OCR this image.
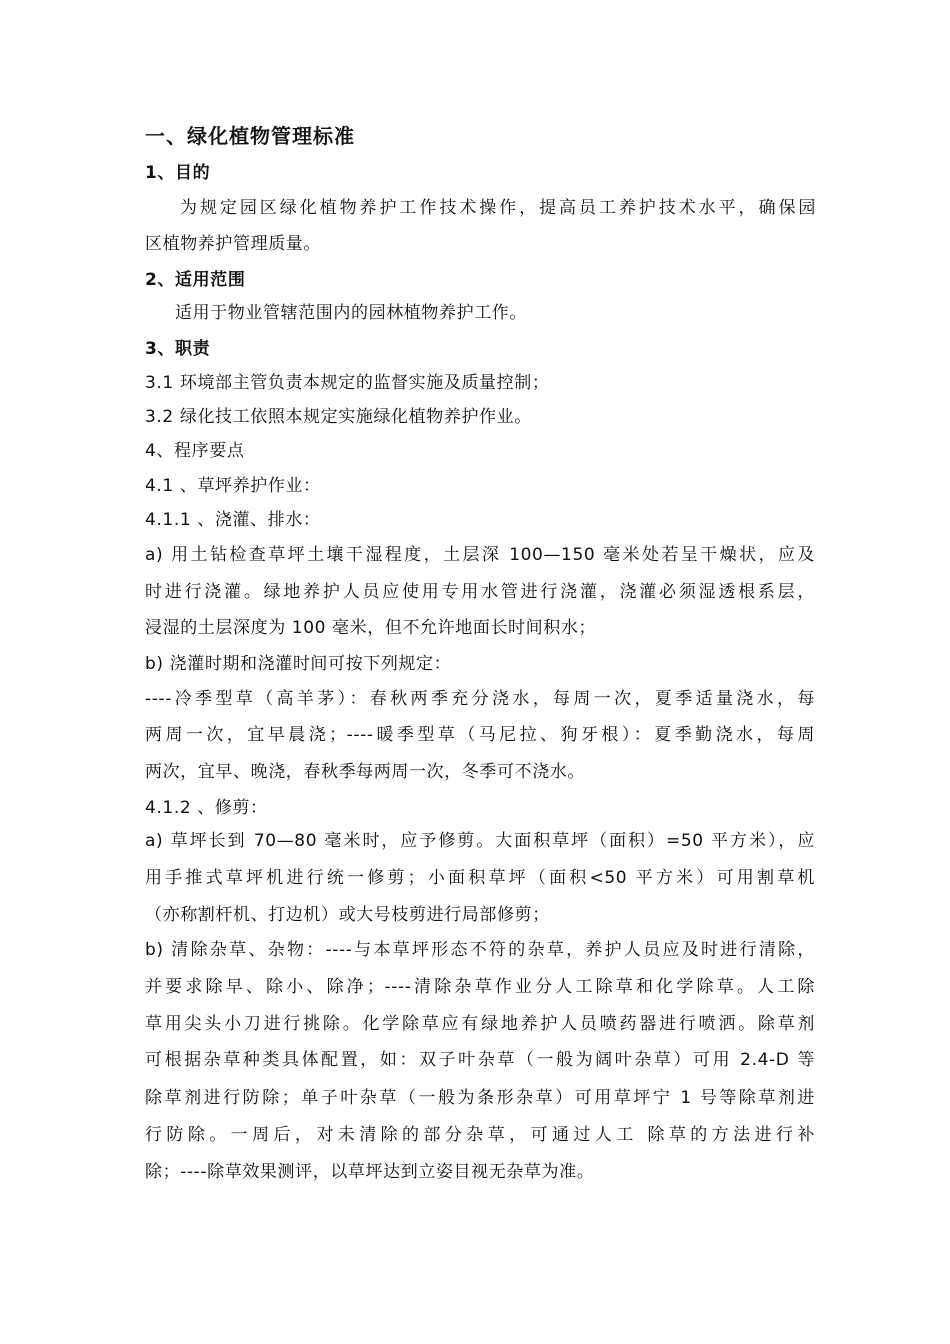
一、绿化植物管理标准
1、目的
为规定园区绿化植物养护工作技术操作，提高员工养护技术水平，确保园
区植物养护管理质量。
2、适用范围
适用于物业管辖范围内的园林植物养护工作。
3、职责
3.1 环境部主管负责本规定的监督实施及质量控制；
3.2 绿化技工依照本规定实施绿化植物养护作业。
4、程序要点
4.1 、草坪养护作业：
4.1.1 、浇灌、排水：
a) 用土钻检查草坪土壤干湿程度，土层深 100—150 毫米处若呈干燥状，应及
时进行浇灌。绿地养护人员应使用专用水管进行浇灌，浇灌必须湿透根系层，
浸湿的土层深度为 100 毫米，但不允许地面长时间积水；
b) 浇灌时期和浇灌时间可按下列规定：
----冷季型草（高羊茅）：春秋两季充分浇水，每周一次，夏季适量浇水，每
两周一次，宜早晨浇；----暖季型草（马尼拉、狗牙根）：夏季勤浇水，每周
两次，宜早、晚浇，春秋季每两周一次，冬季可不浇水。
4.1.2 、修剪：
a) 草坪长到 70—80 毫米时，应予修剪。大面积草坪（面积）=50 平方米），应
用手推式草坪机进行统一修剪；小面积草坪（面积<50 平方米）可用割草机
（亦称割杆机、打边机）或大号枝剪进行局部修剪；
b) 清除杂草、杂物：----与本草坪形态不符的杂草，养护人员应及时进行清除，
并要求除早、除小、除净；----清除杂草作业分人工除草和化学除草。人工除
草用尖头小刀进行挑除。化学除草应有绿地养护人员喷药器进行喷洒。除草剂
可根据杂草种类具体配置，如：双子叶杂草（一般为阔叶杂草）可用 2.4-D 等
除草剂进行防除；单子叶杂草（一般为条形杂草）可用草坪宁 1 号等除草剂进
行防除。一周后，对未清除的部分杂草，可通过人工 除草的方法进行补
除；----除草效果测评，以草坪达到立姿目视无杂草为准。
